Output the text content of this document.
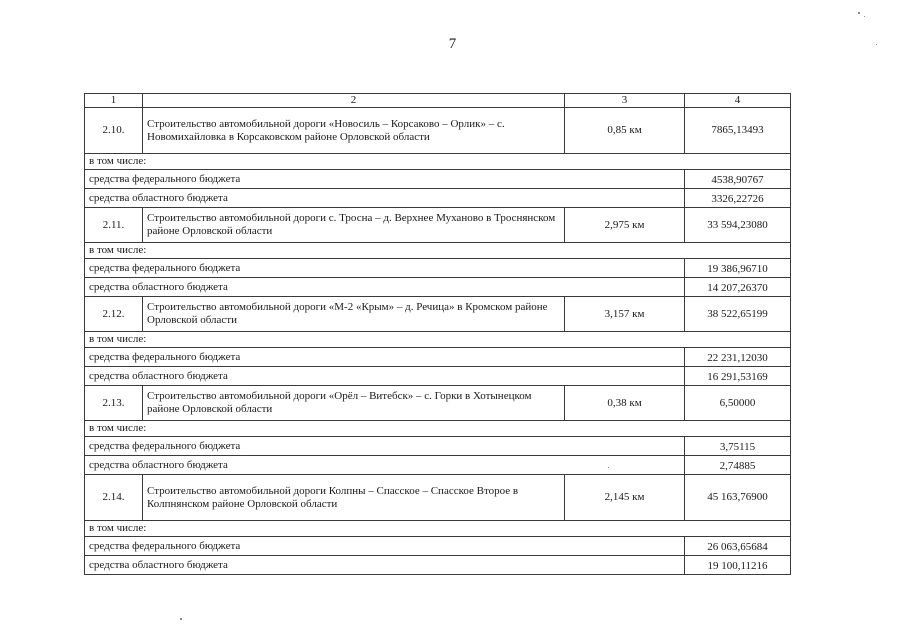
7
1	2	3	4
2.10.	Строительство автомобильной дороги «Новосиль – Корсаково – Орлик» – с. Новомихайловка в Корсаковском районе Орловской области	0,85 км	7865,13493
в том числе:			
средства федерального бюджета			4538,90767
средства областного бюджета			3326,22726
2.11.	Строительство автомобильной дороги с. Тросна – д. Верхнее Муханово в Троснянском районе Орловской области	2,975 км	33 594,23080
в том числе:			
средства федерального бюджета			19 386,96710
средства областного бюджета			14 207,26370
2.12.	Строительство автомобильной дороги «М-2 «Крым» – д. Речица» в Кромском районе Орловской области	3,157 км	38 522,65199
в том числе:			
средства федерального бюджета			22 231,12030
средства областного бюджета			16 291,53169
2.13.	Строительство автомобильной дороги «Орёл – Витебск» – с. Горки в Хотынецком районе Орловской области	0,38 км	6,50000
в том числе:			
средства федерального бюджета			3,75115
средства областного бюджета			2,74885
2.14.	Строительство автомобильной дороги Колпны – Спасское – Спасское Второе в Колпнянском районе Орловской области	2,145 км	45 163,76900
в том числе:			
средства федерального бюджета			26 063,65684
средства областного бюджета			19 100,11216
